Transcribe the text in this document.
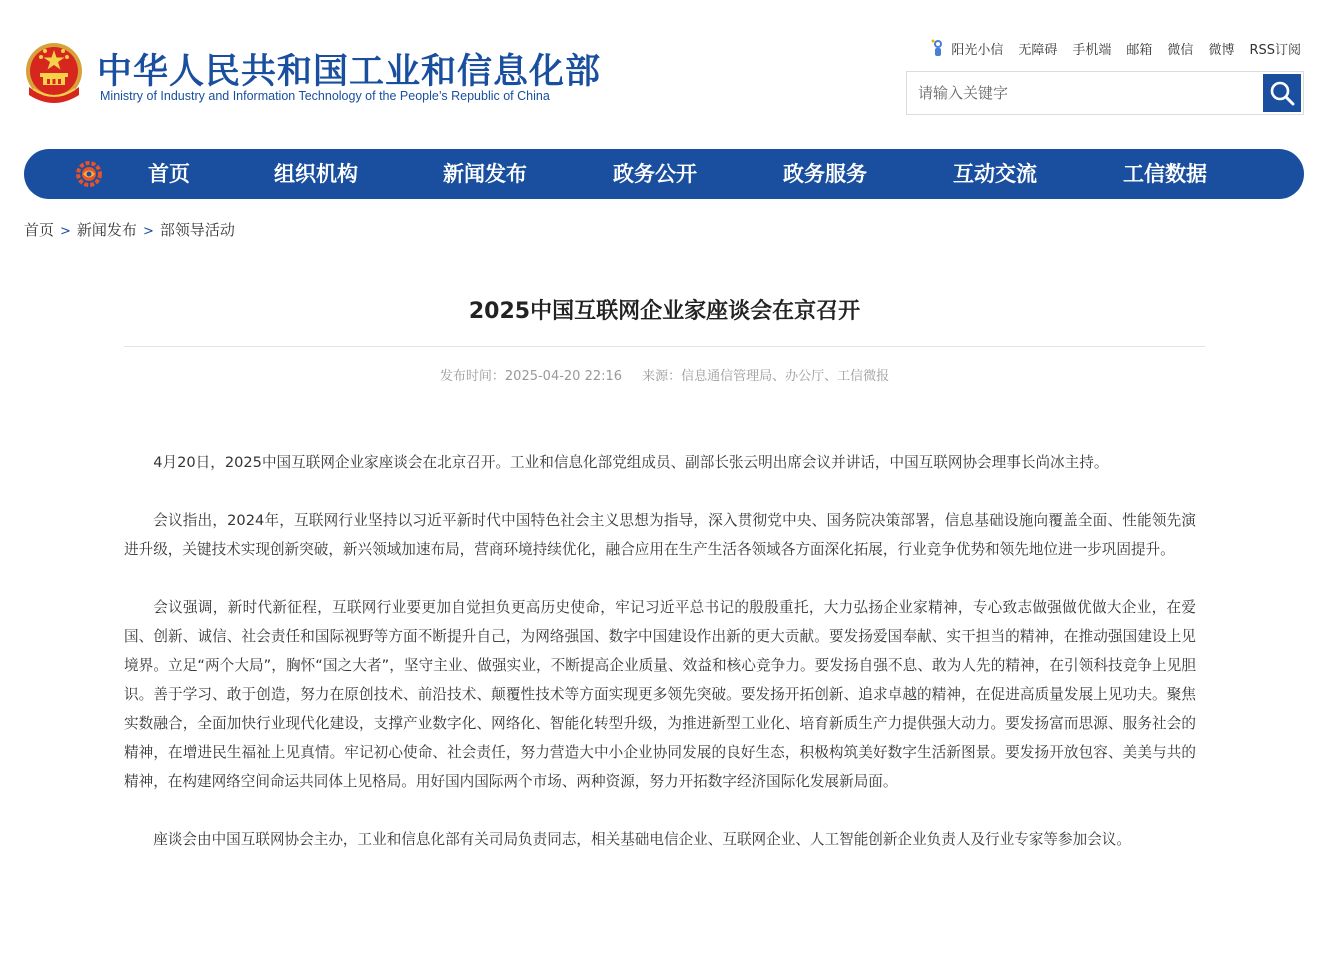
中华人民共和国工业和信息化部
Ministry of Industry and Information Technology of the People’s Republic of China
阳光小信 无障碍 手机端 邮箱 微信 微博 RSS订阅
请输入关键字
首页	组织机构	新闻发布	政务公开	政务服务	互动交流	工信数据
首页 > 新闻发布 > 部领导活动
2025中国互联网企业家座谈会在京召开
发布时间：2025-04-20 22:16 来源：信息通信管理局、办公厅、工信微报

4月20日，2025中国互联网企业家座谈会在北京召开。工业和信息化部党组成员、副部长张云明出席会议并讲话，中国互联网协会理事长尚冰主持。

会议指出，2024年，互联网行业坚持以习近平新时代中国特色社会主义思想为指导，深入贯彻党中央、国务院决策部署，信息基础设施向覆盖全面、性能领先演进升级，关键技术实现创新突破，新兴领域加速布局，营商环境持续优化，融合应用在生产生活各领域各方面深化拓展，行业竞争优势和领先地位进一步巩固提升。

会议强调，新时代新征程，互联网行业要更加自觉担负更高历史使命，牢记习近平总书记的殷殷重托，大力弘扬企业家精神，专心致志做强做优做大企业，在爱国、创新、诚信、社会责任和国际视野等方面不断提升自己，为网络强国、数字中国建设作出新的更大贡献。要发扬爱国奉献、实干担当的精神，在推动强国建设上见境界。立足“两个大局”，胸怀“国之大者”，坚守主业、做强实业，不断提高企业质量、效益和核心竞争力。要发扬自强不息、敢为人先的精神，在引领科技竞争上见胆识。善于学习、敢于创造，努力在原创技术、前沿技术、颠覆性技术等方面实现更多领先突破。要发扬开拓创新、追求卓越的精神，在促进高质量发展上见功夫。聚焦实数融合，全面加快行业现代化建设，支撑产业数字化、网络化、智能化转型升级，为推进新型工业化、培育新质生产力提供强大动力。要发扬富而思源、服务社会的精神，在增进民生福祉上见真情。牢记初心使命、社会责任，努力营造大中小企业协同发展的良好生态，积极构筑美好数字生活新图景。要发扬开放包容、美美与共的精神，在构建网络空间命运共同体上见格局。用好国内国际两个市场、两种资源，努力开拓数字经济国际化发展新局面。

座谈会由中国互联网协会主办，工业和信息化部有关司局负责同志，相关基础电信企业、互联网企业、人工智能创新企业负责人及行业专家等参加会议。
